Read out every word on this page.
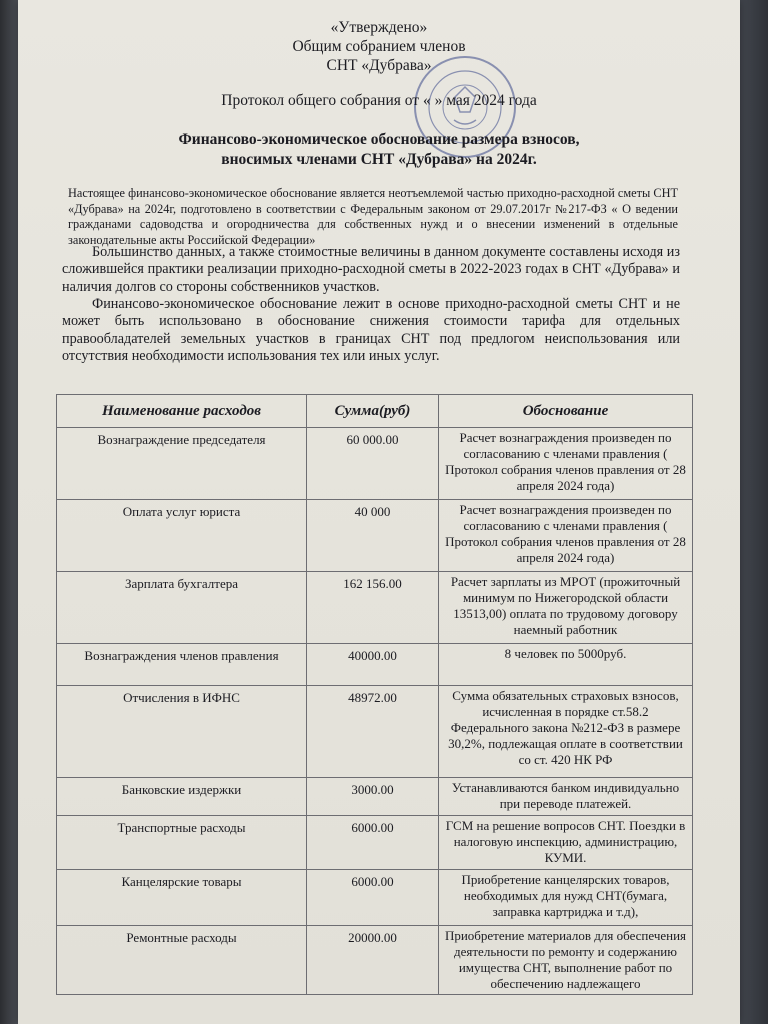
«Утверждено»
Общим собранием членов
СНТ «Дубрава»
Протокол общего собрания от « » мая 2024 года
Финансово-экономическое обоснование размера взносов,
вносимых членами СНТ «Дубрава» на 2024г.
Настоящее финансово-экономическое обоснование является неотъемлемой частью приходно-расходной сметы СНТ «Дубрава» на 2024г, подготовлено в соответствии с Федеральным законом от 29.07.2017г №217-ФЗ « О ведении гражданами садоводства и огородничества для собственных нужд и о внесении изменений в отдельные законодательные акты Российской Федерации»
Большинство данных, а также стоимостные величины в данном документе составлены исходя из сложившейся практики реализации приходно-расходной сметы в 2022-2023 годах в СНТ «Дубрава» и наличия долгов со стороны собственников участков.
Финансово-экономическое обоснование лежит в основе приходно-расходной сметы СНТ и не может быть использовано в обоснование снижения стоимости тарифа для отдельных правообладателей земельных участков в границах СНТ под предлогом неиспользования или отсутствия необходимости использования тех или иных услуг.
Наименование расходов	Сумма(руб)	Обоснование
Вознаграждение председателя	60 000.00	Расчет вознаграждения произведен по согласованию с членами правления ( Протокол собрания членов правления от 28 апреля 2024 года)
Оплата услуг юриста	40 000	Расчет вознаграждения произведен по согласованию с членами правления ( Протокол собрания членов правления от 28 апреля 2024 года)
Зарплата бухгалтера	162 156.00	Расчет зарплаты из МРОТ (прожиточный минимум по Нижегородской области 13513,00) оплата по трудовому договору наемный работник
Вознаграждения членов правления	40000.00	8 человек по 5000руб.
Отчисления в ИФНС	48972.00	Сумма обязательных страховых взносов, исчисленная в порядке ст.58.2 Федерального закона №212-ФЗ в размере 30,2%, подлежащая оплате в соответствии со ст. 420 НК РФ
Банковские издержки	3000.00	Устанавливаются банком индивидуально при переводе платежей.
Транспортные расходы	6000.00	ГСМ на решение вопросов СНТ. Поездки в налоговую инспекцию, администрацию, КУМИ.
Канцелярские товары	6000.00	Приобретение канцелярских товаров, необходимых для нужд СНТ(бумага, заправка картриджа и т.д),
Ремонтные расходы	20000.00	Приобретение материалов для обеспечения деятельности по ремонту и содержанию имущества СНТ, выполнение работ по обеспечению надлежащего
